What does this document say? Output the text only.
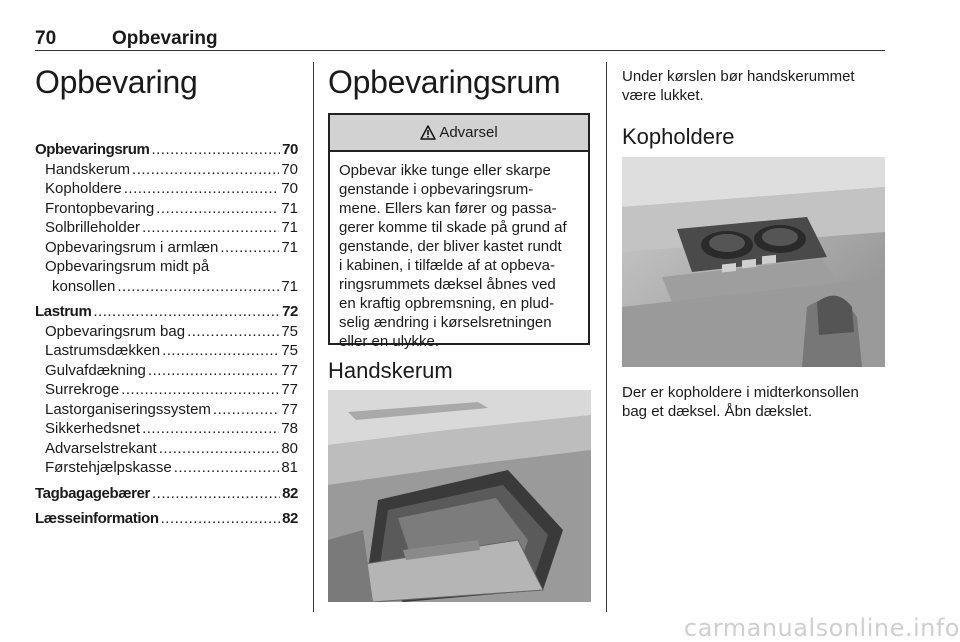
70	Opbevaring
Opbevaring
Opbevaringsrum .....	70
Handskerum .....	70
Kopholdere .....	70
Frontopbevaring .....	71
Solbrilleholder .....	71
Opbevaringsrum i armlæn .....	71
Opbevaringsrum midt på
konsollen .....	71
Lastrum .....	72
Opbevaringsrum bag .....	75
Lastrumsdækken .....	75
Gulvafdækning .....	77
Surrekroge .....	77
Lastorganiseringssystem .....	77
Sikkerhedsnet .....	78
Advarselstrekant .....	80
Førstehjælpskasse .....	81
Tagbagagebærer .....	82
Læsseinformation .....	82
Opbevaringsrum
Advarsel
Opbevar ikke tunge eller skarpe
genstande i opbevaringsrum-
mene. Ellers kan fører og passa-
gerer komme til skade på grund af
genstande, der bliver kastet rundt
i kabinen, i tilfælde af at opbeva-
ringsrummets dæksel åbnes ved
en kraftig opbremsning, en plud-
selig ændring i kørselsretningen
eller en ulykke.
Handskerum
Under kørslen bør handskerummet
være lukket.
Kopholdere
Der er kopholdere i midterkonsollen
bag et dæksel. Åbn dækslet.
carmanualsonline.info
